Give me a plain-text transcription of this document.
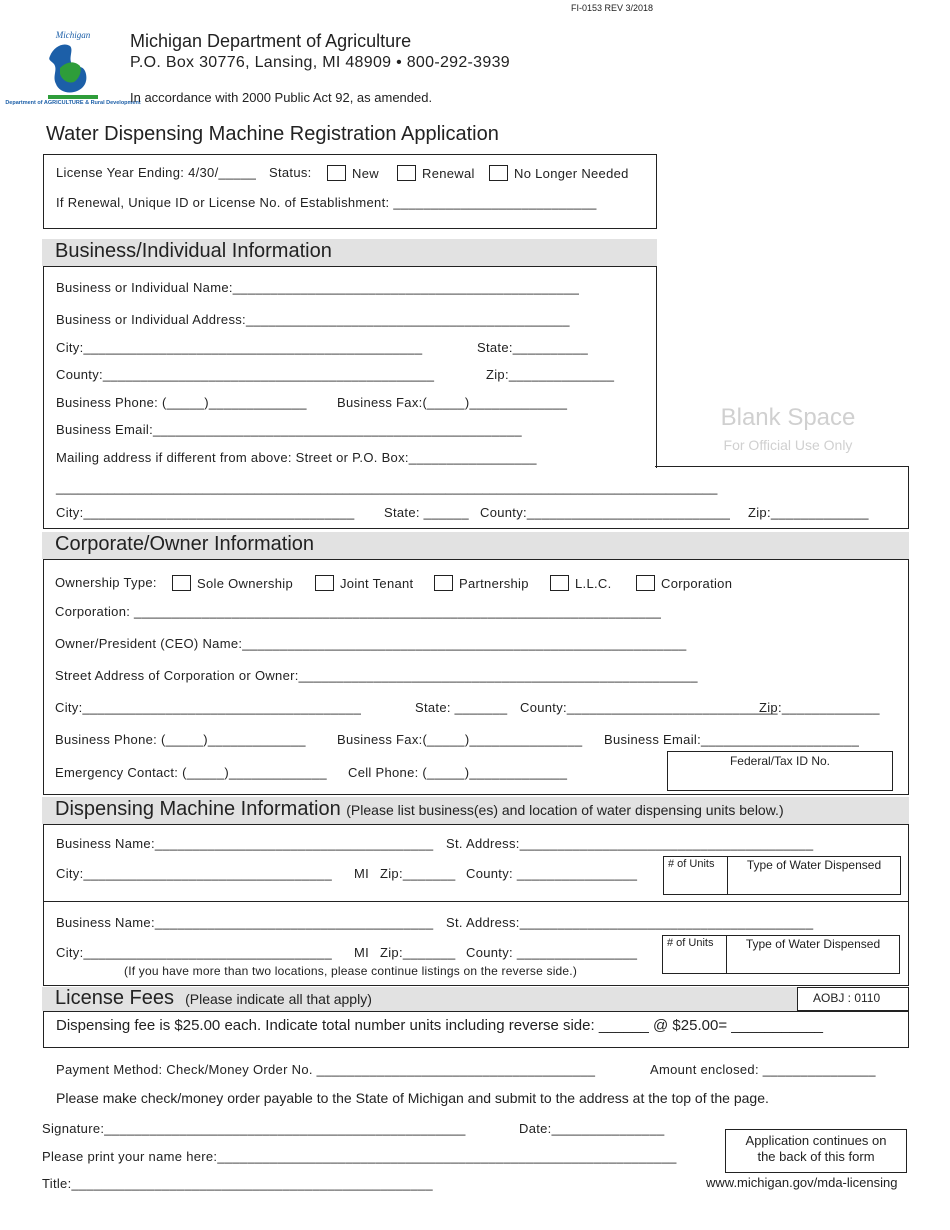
FI-0153 REV 3/2018
Michigan
Department of AGRICULTURE & Rural Development
Michigan Department of Agriculture
P.O. Box 30776, Lansing, MI 48909 • 800-292-3939
In accordance with 2000 Public Act 92, as amended.
Water Dispensing Machine Registration Application
License Year Ending: 4/30/_____ Status:	New	Renewal	No Longer Needed
If Renewal, Unique ID or License No. of Establishment: ___________________________
Business/Individual Information
Business or Individual Name:______________________________________________
Business or Individual Address:___________________________________________
City:_____________________________________________	State:__________
County:____________________________________________	Zip:______________
Business Phone: (_____)_____________ Business Fax:(_____)_____________
Business Email:_________________________________________________
Mailing address if different from above: Street or P.O. Box:_________________
__________________________________________________________________________________________
City:____________________________________ State: ______ County:___________________________ Zip:_____________
Blank Space
For Official Use Only
Corporate/Owner Information
Ownership Type:	Sole Ownership	Joint Tenant	Partnership	L.L.C.	Corporation
Corporation: ______________________________________________________________________
Owner/President (CEO) Name:___________________________________________________________
Street Address of Corporation or Owner:_____________________________________________________
City:_____________________________________	State: _______ County:____________________________
Zip:_____________
Business Phone: (_____)_____________ Business Fax:(_____)_______________ Business Email:_____________________
Emergency Contact: (_____)_____________ Cell Phone: (_____)_____________
Federal/Tax ID No.
Dispensing Machine Information (Please list business(es) and location of water dispensing units below.)
Business Name:_____________________________________ St. Address:_______________________________________
City:_________________________________ MI Zip:_______ County: ________________
# of Units	Type of Water Dispensed
Business Name:_____________________________________ St. Address:_______________________________________
City:_________________________________ MI Zip:_______ County: ________________
# of Units	Type of Water Dispensed
(If you have more than two locations, please continue listings on the reverse side.)
License Fees (Please indicate all that apply)	AOBJ : 0110
Dispensing fee is $25.00 each. Indicate total number units including reverse side: ______ @ $25.00= ___________
Payment Method: Check/Money Order No. _____________________________________	Amount enclosed: _______________
Please make check/money order payable to the State of Michigan and submit to the address at the top of the page.
Signature:________________________________________________	Date:_______________
Please print your name here:_____________________________________________________________
Title:________________________________________________
Application continues on the back of this form
www.michigan.gov/mda-licensing
